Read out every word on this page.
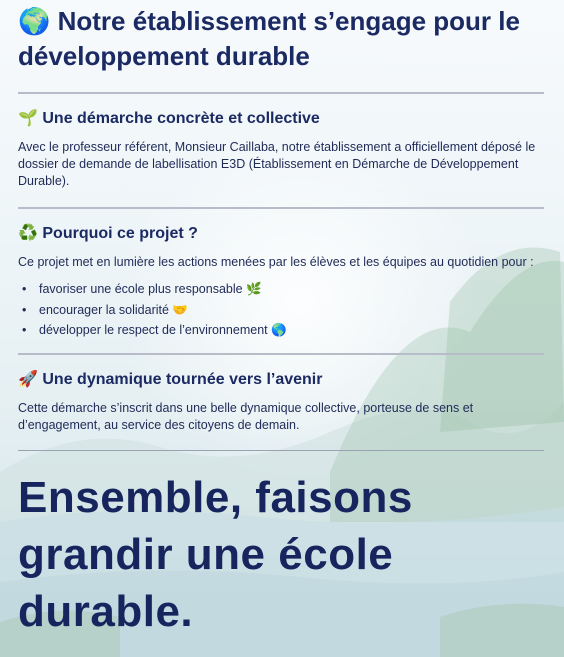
🌍 Notre établissement s’engage pour le développement durable
🌱 Une démarche concrète et collective
Avec le professeur référent, Monsieur Caillaba, notre établissement a officiellement déposé le dossier de demande de labellisation E3D (Établissement en Démarche de Développement Durable).
♻️ Pourquoi ce projet ?
Ce projet met en lumière les actions menées par les élèves et les équipes au quotidien pour :
• favoriser une école plus responsable 🌿
• encourager la solidarité 🤝
• développer le respect de l’environnement 🌎
🚀 Une dynamique tournée vers l’avenir
Cette démarche s’inscrit dans une belle dynamique collective, porteuse de sens et d’engagement, au service des citoyens de demain.
Ensemble, faisons
grandir une école
durable.
